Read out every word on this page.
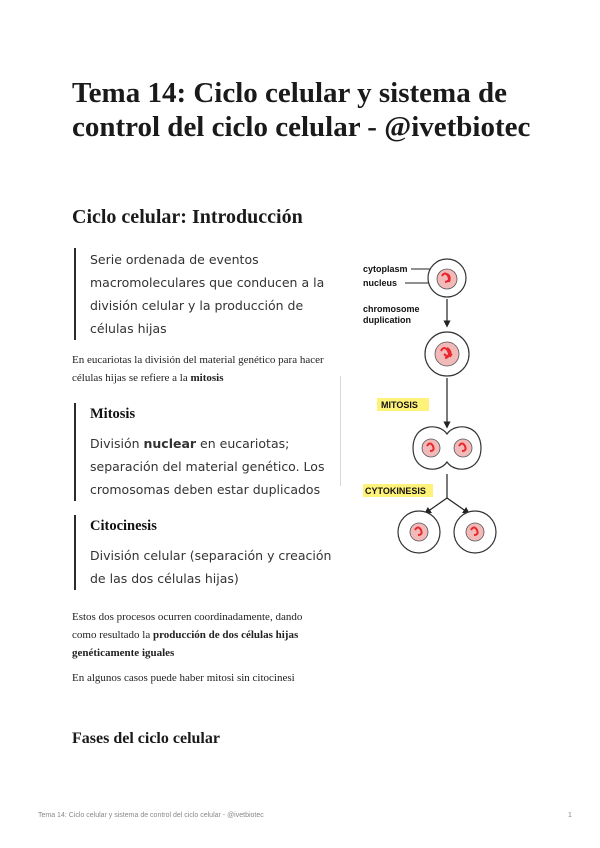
Tema 14: Ciclo celular y sistema de control del ciclo celular - @ivetbiotec
Ciclo celular: Introducción
Serie ordenada de eventos macromoleculares que conducen a la división celular y la producción de células hijas
En eucariotas la división del material genético para hacer células hijas se refiere a la mitosis
Mitosis
División nuclear en eucariotas; separación del material genético. Los cromosomas deben estar duplicados
Citocinesis
División celular (separación y creación de las dos células hijas)
Estos dos procesos ocurren coordinadamente, dando como resultado la producción de dos células hijas genéticamente iguales
En algunos casos puede haber mitosi sin citocinesi
Fases del ciclo celular
cytoplasm
nucleus
chromosome
duplication
MITOSIS
CYTOKINESIS
Tema 14: Ciclo celular y sistema de control del ciclo celular - @ivetbiotec	1
